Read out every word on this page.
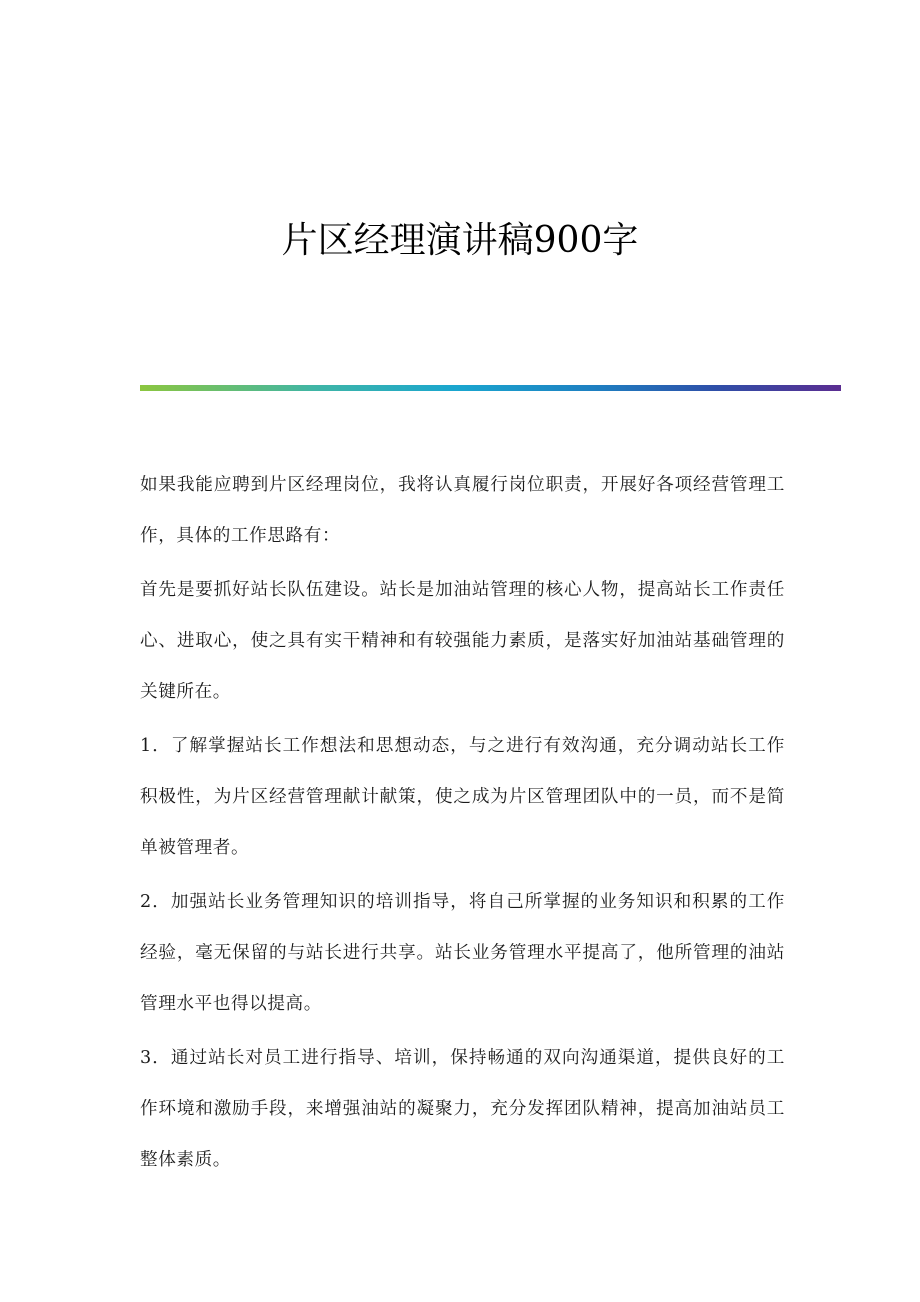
片区经理演讲稿900字

如果我能应聘到片区经理岗位，我将认真履行岗位职责，开展好各项经营管理工作，具体的工作思路有：

首先是要抓好站长队伍建设。站长是加油站管理的核心人物，提高站长工作责任心、进取心，使之具有实干精神和有较强能力素质，是落实好加油站基础管理的关键所在。

1．了解掌握站长工作想法和思想动态，与之进行有效沟通，充分调动站长工作积极性，为片区经营管理献计献策，使之成为片区管理团队中的一员，而不是简单被管理者。

2．加强站长业务管理知识的培训指导，将自己所掌握的业务知识和积累的工作经验，毫无保留的与站长进行共享。站长业务管理水平提高了，他所管理的油站管理水平也得以提高。

3．通过站长对员工进行指导、培训，保持畅通的双向沟通渠道，提供良好的工作环境和激励手段，来增强油站的凝聚力，充分发挥团队精神，提高加油站员工整体素质。
